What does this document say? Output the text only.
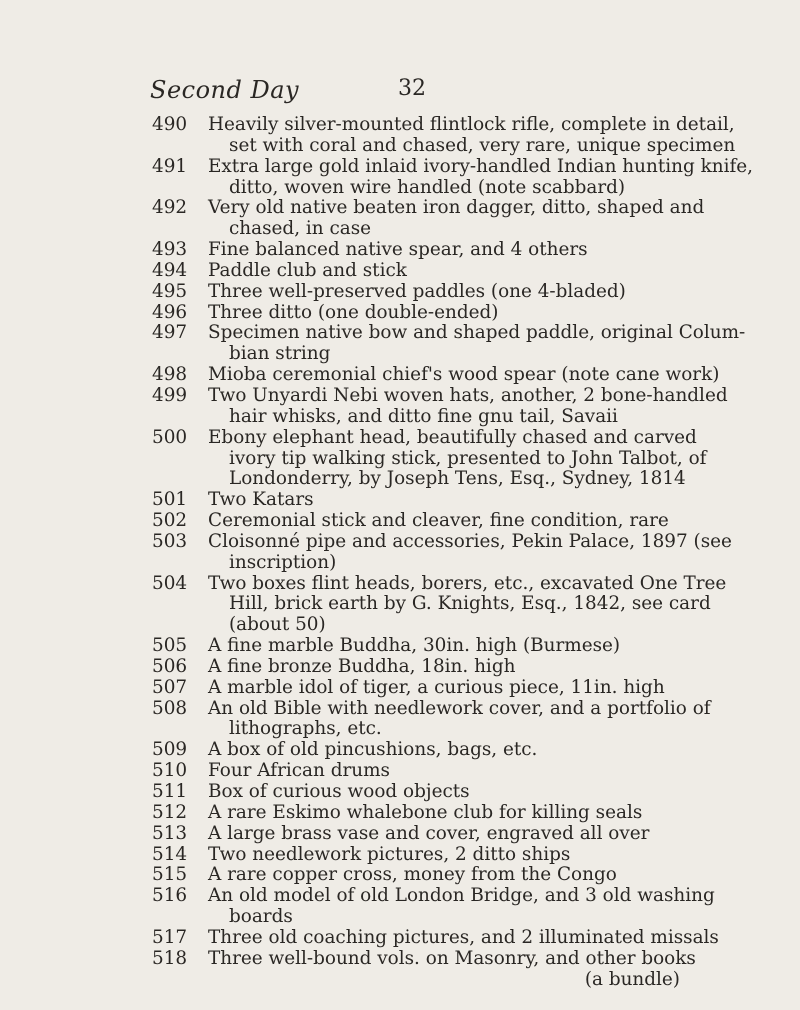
Second Day	32
490 Heavily silver-mounted flintlock rifle, complete in detail,
set with coral and chased, very rare, unique specimen
491 Extra large gold inlaid ivory-handled Indian hunting knife,
ditto, woven wire handled (note scabbard)
492 Very old native beaten iron dagger, ditto, shaped and
chased, in case
493 Fine balanced native spear, and 4 others
494 Paddle club and stick
495 Three well-preserved paddles (one 4-bladed)
496 Three ditto (one double-ended)
497 Specimen native bow and shaped paddle, original Colum-
bian string
498 Mioba ceremonial chief's wood spear (note cane work)
499 Two Unyardi Nebi woven hats, another, 2 bone-handled
hair whisks, and ditto fine gnu tail, Savaii
500 Ebony elephant head, beautifully chased and carved
ivory tip walking stick, presented to John Talbot, of
Londonderry, by Joseph Tens, Esq., Sydney, 1814
501 Two Katars
502 Ceremonial stick and cleaver, fine condition, rare
503 Cloisonné pipe and accessories, Pekin Palace, 1897 (see
inscription)
504 Two boxes flint heads, borers, etc., excavated One Tree
Hill, brick earth by G. Knights, Esq., 1842, see card
(about 50)
505 A fine marble Buddha, 30in. high (Burmese)
506 A fine bronze Buddha, 18in. high
507 A marble idol of tiger, a curious piece, 11in. high
508 An old Bible with needlework cover, and a portfolio of
lithographs, etc.
509 A box of old pincushions, bags, etc.
510 Four African drums
511 Box of curious wood objects
512 A rare Eskimo whalebone club for killing seals
513 A large brass vase and cover, engraved all over
514 Two needlework pictures, 2 ditto ships
515 A rare copper cross, money from the Congo
516 An old model of old London Bridge, and 3 old washing
boards
517 Three old coaching pictures, and 2 illuminated missals
518 Three well-bound vols. on Masonry, and other books
(a bundle)
